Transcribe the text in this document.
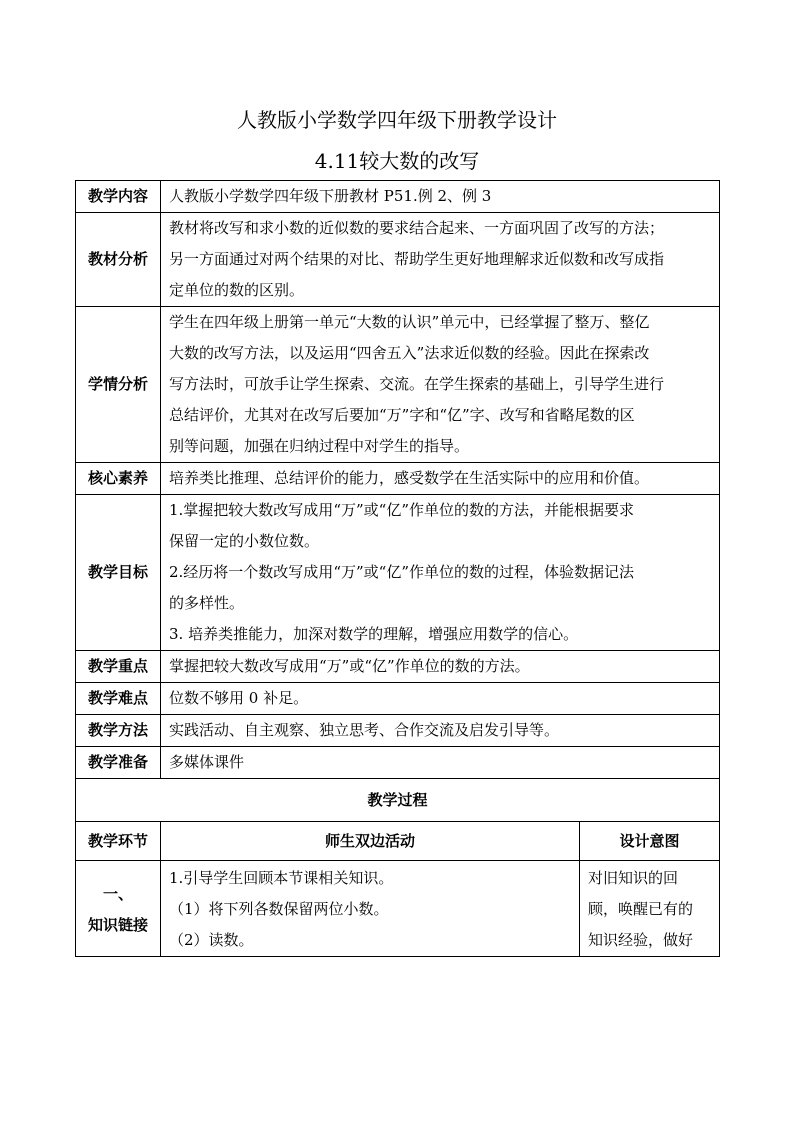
人教版小学数学四年级下册教学设计
4.11较大数的改写
教学内容	人教版小学数学四年级下册教材 P51.例 2、例 3	

教材分析	教材将改写和求小数的近似数的要求结合起来、一方面巩固了改写的方法；
另一方面通过对两个结果的对比、帮助学生更好地理解求近似数和改写成指
定单位的数的区别。	

学情分析	学生在四年级上册第一单元“大数的认识”单元中，已经掌握了整万、整亿
大数的改写方法，以及运用“四舍五入”法求近似数的经验。因此在探索改
写方法时，可放手让学生探索、交流。在学生探索的基础上，引导学生进行
总结评价，尤其对在改写后要加“万”字和“亿”字、改写和省略尾数的区
别等问题，加强在归纳过程中对学生的指导。	

核心素养	培养类比推理、总结评价的能力，感受数学在生活实际中的应用和价值。	

教学目标	1.掌握把较大数改写成用“万”或“亿”作单位的数的方法，并能根据要求
保留一定的小数位数。
2.经历将一个数改写成用“万”或“亿”作单位的数的过程，体验数据记法
的多样性。
3. 培养类推能力，加深对数学的理解，增强应用数学的信心。	

教学重点	掌握把较大数改写成用“万”或“亿”作单位的数的方法。	

教学难点	位数不够用 0 补足。	

教学方法	实践活动、自主观察、独立思考、合作交流及启发引导等。	

教学准备	多媒体课件	

教学过程		
教学环节	师生双边活动	设计意图

一、
知识链接	1.引导学生回顾本节课相关知识。
（1）将下列各数保留两位小数。
（2）读数。	对旧知识的回
顾，唤醒已有的
知识经验，做好
